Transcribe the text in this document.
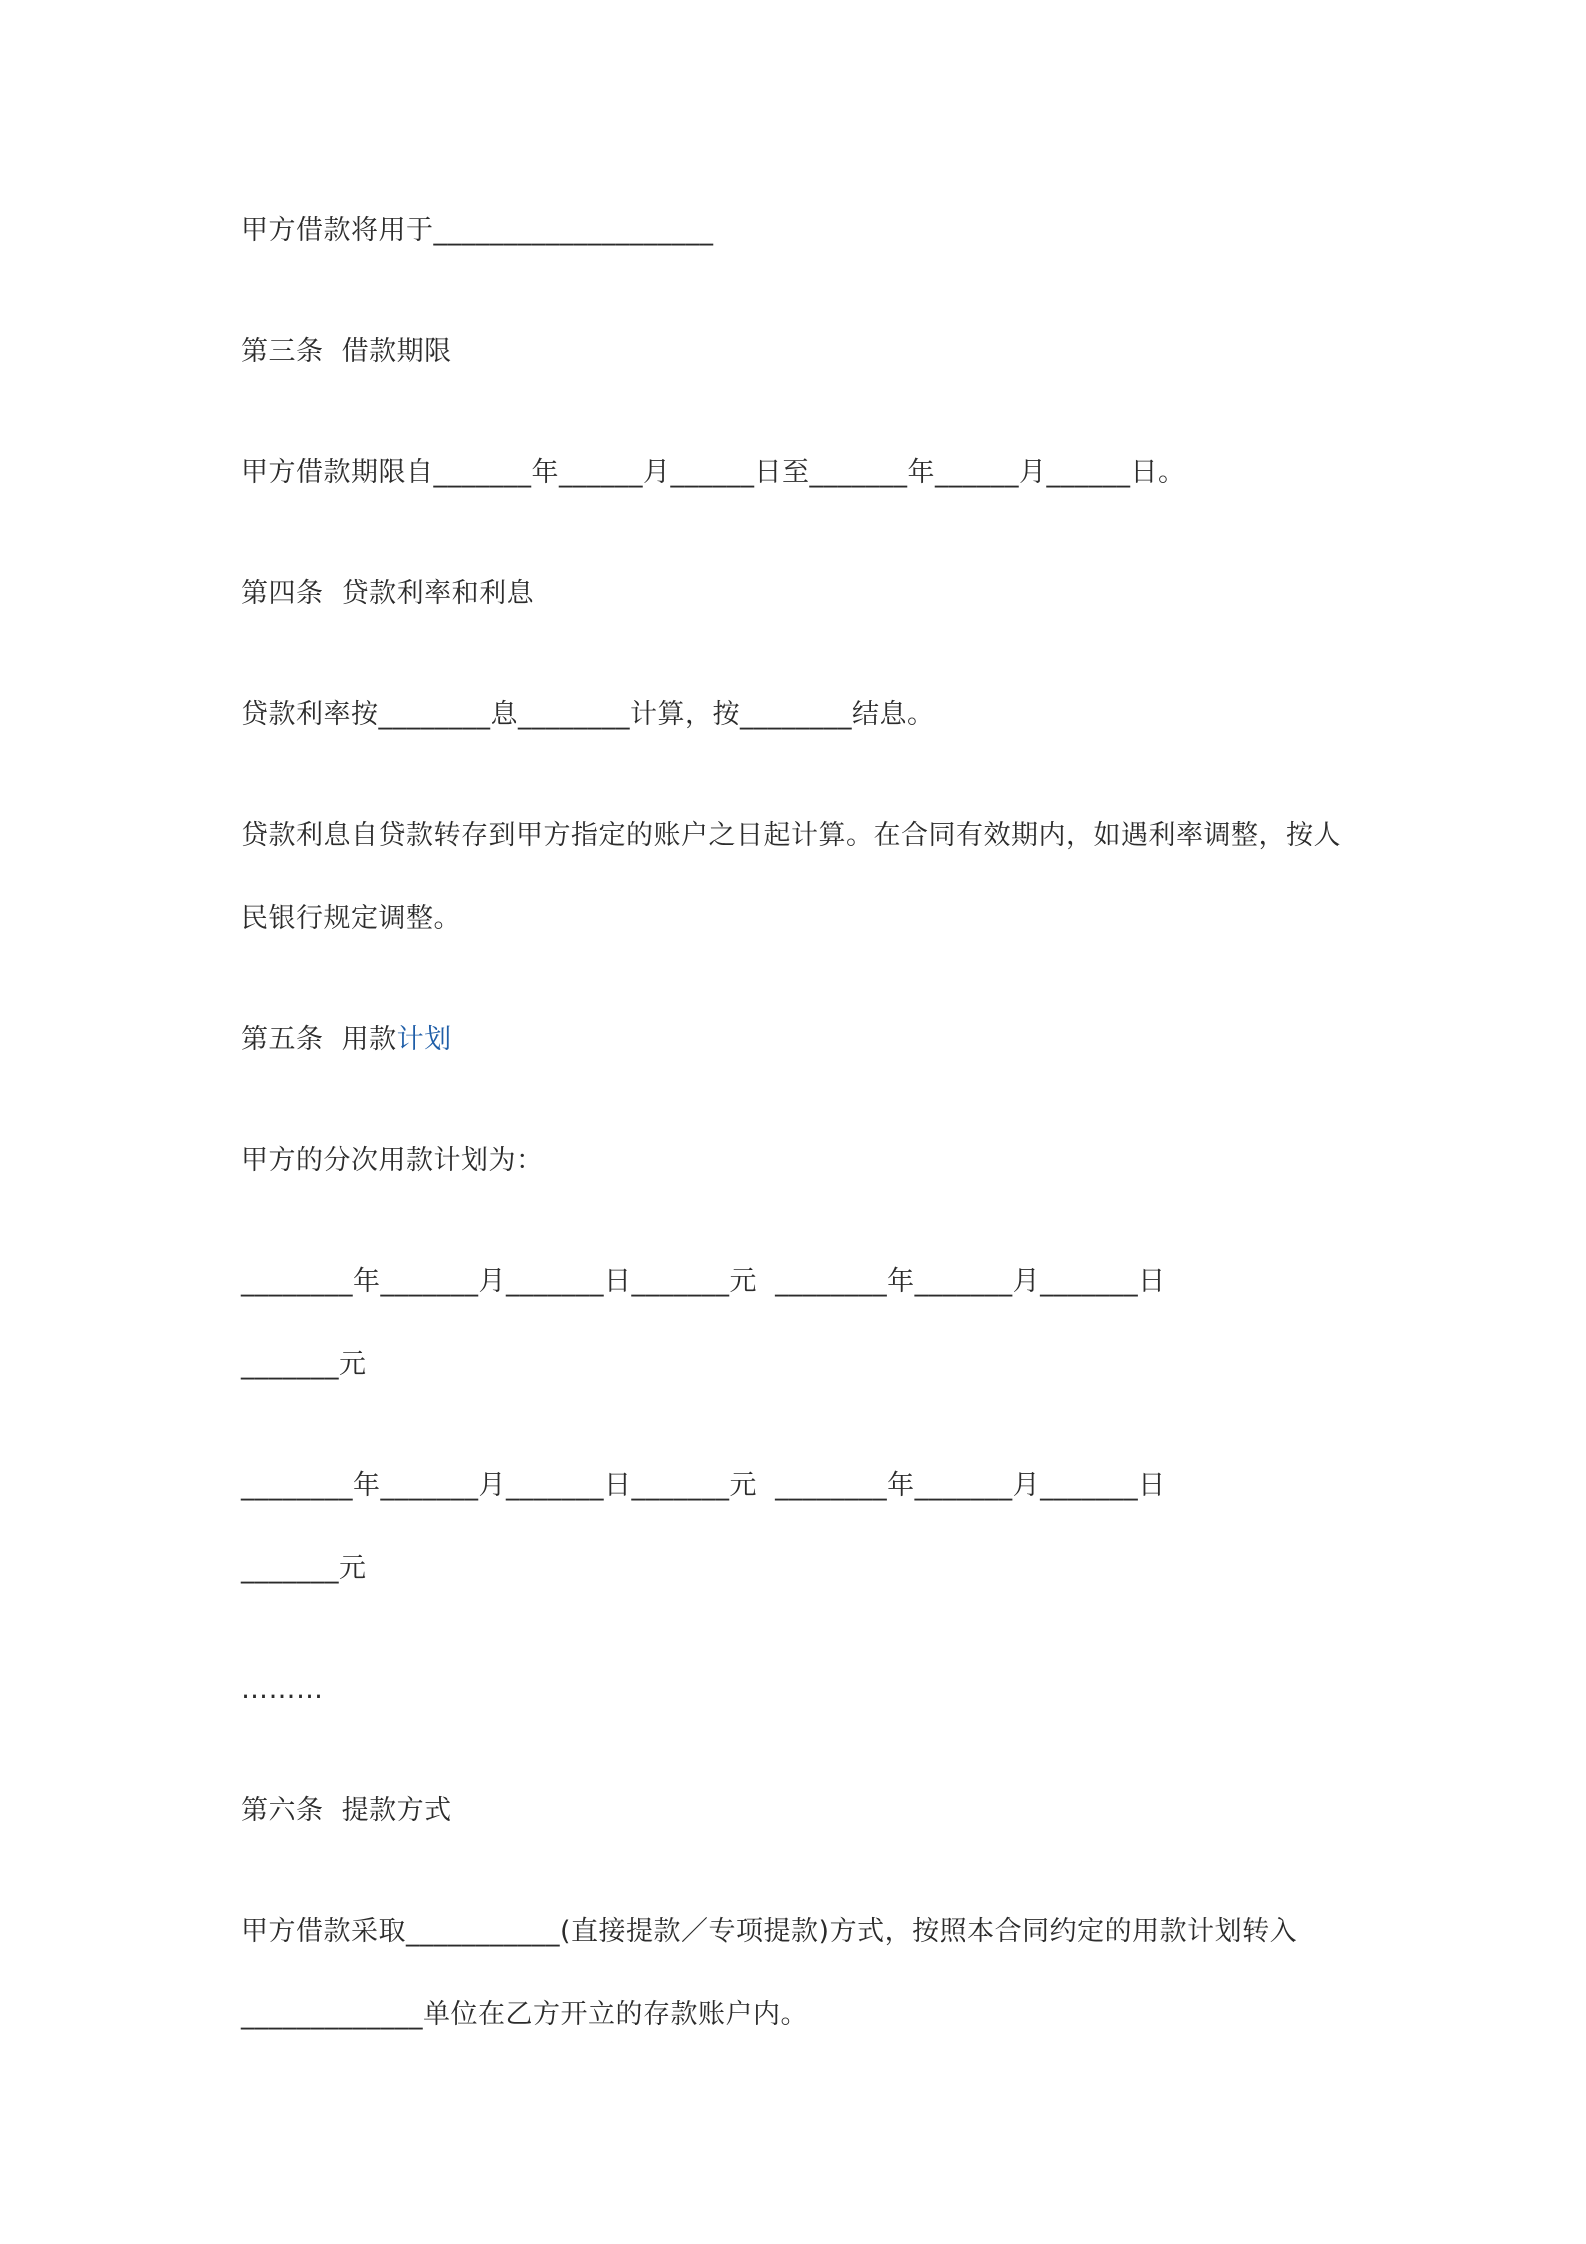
甲方借款将用于____________________
第三条  借款期限
甲方借款期限自_______年______月______日至_______年______月______日。
第四条  贷款利率和利息
贷款利率按________息________计算，按________结息。
贷款利息自贷款转存到甲方指定的账户之日起计算。在合同有效期内，如遇利率调整，按人
民银行规定调整。
第五条  用款计划
甲方的分次用款计划为：
________年_______月_______日_______元  ________年_______月_______日
_______元
________年_______月_______日_______元  ________年_______月_______日
_______元
………
第六条  提款方式
甲方借款采取___________(直接提款／专项提款)方式，按照本合同约定的用款计划转入
_____________单位在乙方开立的存款账户内。
